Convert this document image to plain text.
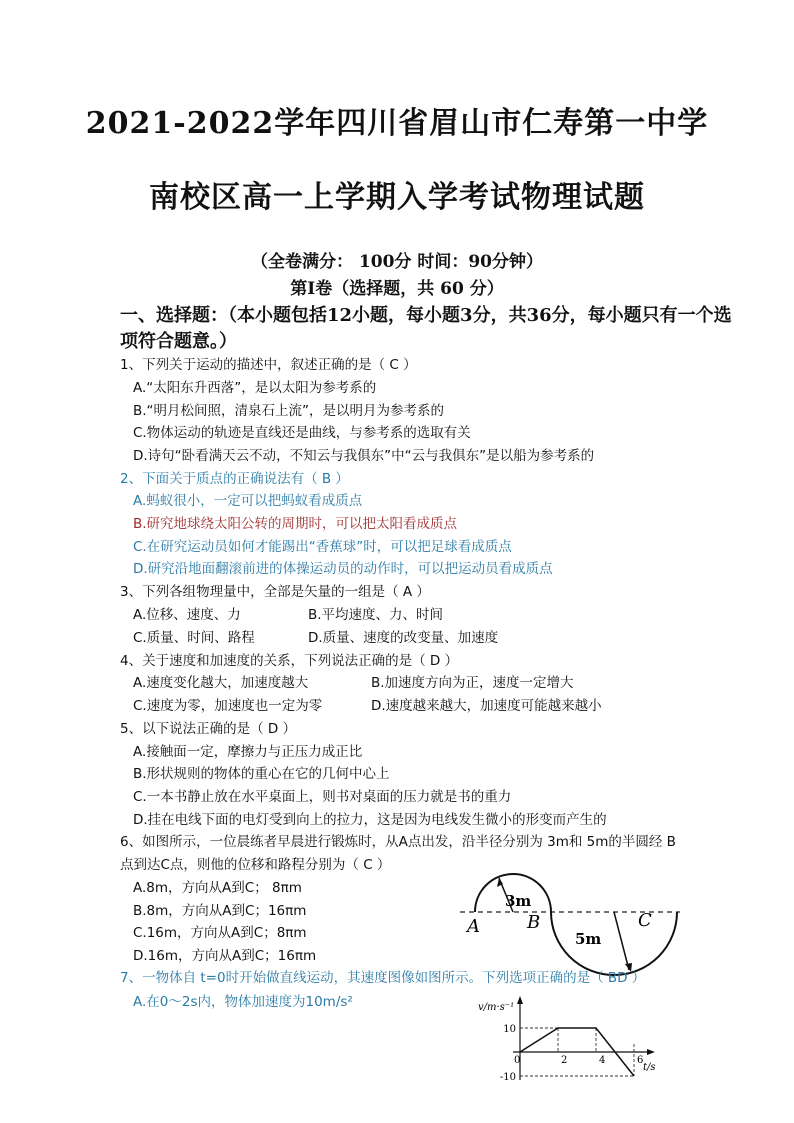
2021-2022学年四川省眉山市仁寿第一中学
南校区高一上学期入学考试物理试题
（全卷满分： 100分 时间：90分钟）
第Ⅰ卷（选择题，共 60 分）
一、选择题：（本小题包括12小题，每小题3分，共36分，每小题只有一个选
项符合题意。）
1、下列关于运动的描述中，叙述正确的是（ C ）
A.“太阳东升西落”，是以太阳为参考系的
B.“明月松间照，清泉石上流”，是以明月为参考系的
C.物体运动的轨迹是直线还是曲线，与参考系的选取有关
D.诗句“卧看满天云不动，不知云与我俱东”中“云与我俱东”是以船为参考系的
2、下面关于质点的正确说法有（ B ）
A.蚂蚁很小，一定可以把蚂蚁看成质点
B.研究地球绕太阳公转的周期时，可以把太阳看成质点
C.在研究运动员如何才能踢出“香蕉球”时，可以把足球看成质点
D.研究沿地面翻滚前进的体操运动员的动作时，可以把运动员看成质点
3、下列各组物理量中，全部是矢量的一组是（ A ）
A.位移、速度、力	B.平均速度、力、时间
C.质量、时间、路程	D.质量、速度的改变量、加速度
4、关于速度和加速度的关系，下列说法正确的是（ D ）
A.速度变化越大，加速度越大	B.加速度方向为正，速度一定增大
C.速度为零，加速度也一定为零	D.速度越来越大，加速度可能越来越小
5、以下说法正确的是（ D ）
A.接触面一定，摩擦力与正压力成正比
B.形状规则的物体的重心在它的几何中心上
C.一本书静止放在水平桌面上，则书对桌面的压力就是书的重力
D.挂在电线下面的电灯受到向上的拉力，这是因为电线发生微小的形变而产生的
6、如图所示，一位晨练者早晨进行锻炼时，从A点出发，沿半径分别为 3m和 5m的半圆经 B
点到达C点，则他的位移和路程分别为（ C ）
A.8m，方向从A到C； 8πm
B.8m，方向从A到C；16πm
C.16m，方向从A到C；8πm
D.16m，方向从A到C；16πm
A	B	C
3m
5m
7、一物体自 t=0时开始做直线运动，其速度图像如图所示。下列选项正确的是（ BD ）
A.在0～2s内，物体加速度为10m/s²	v/m·s⁻¹
t/s
10
-10
0	2	4	6
